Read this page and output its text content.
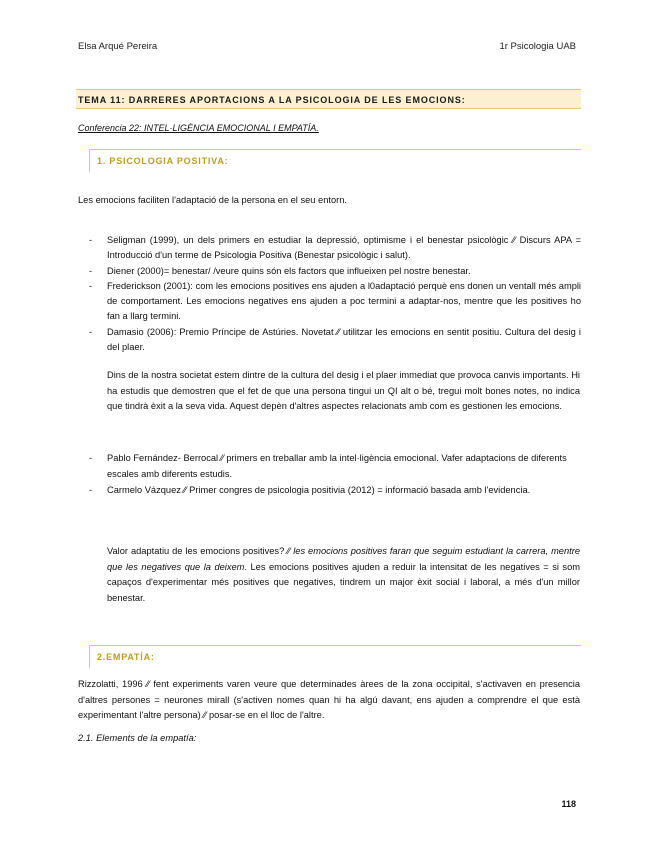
Elsa Arqué Pereira	1r Psicologia UAB
TEMA 11: DARRERES APORTACIONS A LA PSICOLOGIA DE LES EMOCIONS:
Conferencia 22: INTEL·LIGÈNCIA EMOCIONAL I EMPATÍA.
1. PSICOLOGIA POSITIVA:
Les emocions faciliten l'adaptació de la persona en el seu entorn.
- Seligman (1999), un dels primers en estudiar la depressió, optimisme i el benestar psicològic ⁄⁄ Discurs APA = Introducció d'un terme de Psicologia Positiva (Benestar psicològic i salut).
- Diener (2000)= benestar/ /veure quins són els factors que influeixen pel nostre benestar.
- Frederickson (2001): com les emocions positives ens ajuden a l0adaptació perquè ens donen un ventall més ampli de comportament. Les emocions negatives ens ajuden a poc termini a adaptar-nos, mentre que les positives ho fan a llarg termini.
- Damasio (2006): Premio Príncipe de Astúries. Novetat ⁄⁄ utilitzar les emocions en sentit positiu. Cultura del desig i del plaer.
Dins de la nostra societat estem dintre de la cultura del desig i el plaer immediat que provoca canvis importants. Hi ha estudis que demostren que el fet de que una persona tingui un QI alt o bé, tregui molt bones notes, no indica que tindrà èxit a la seva vida. Aquest depèn d'altres aspectes relacionats amb com es gestionen les emocions.
- Pablo Fernández- Berrocal ⁄⁄ primers en treballar amb la intel·ligència emocional. Vafer adaptacions de diferents escales amb diferents estudis.
- Carmelo Vázquez ⁄⁄ Primer congres de psicologia positivia (2012) = informació basada amb l'evidencia.
Valor adaptatiu de les emocions positives? ⁄⁄ les emocions positives faran que seguim estudiant la carrera, mentre que les negatives que la deixem. Les emocions positives ajuden a reduir la intensitat de les negatives = si som capaços d'experimentar més positives que negatives, tindrem un major èxit social i laboral, a més d'un millor benestar.
2.EMPATÍA:
Rizzolatti, 1996 ⁄⁄ fent experiments varen veure que determinades àrees de la zona occipital, s'activaven en presencia d'altres persones = neurones mirall (s'activen nomes quan hi ha algú davant, ens ajuden a comprendre el que està experimentant l'altre persona) ⁄⁄ posar-se en el lloc de l'altre.
2.1. Elements de la empatía:
118
